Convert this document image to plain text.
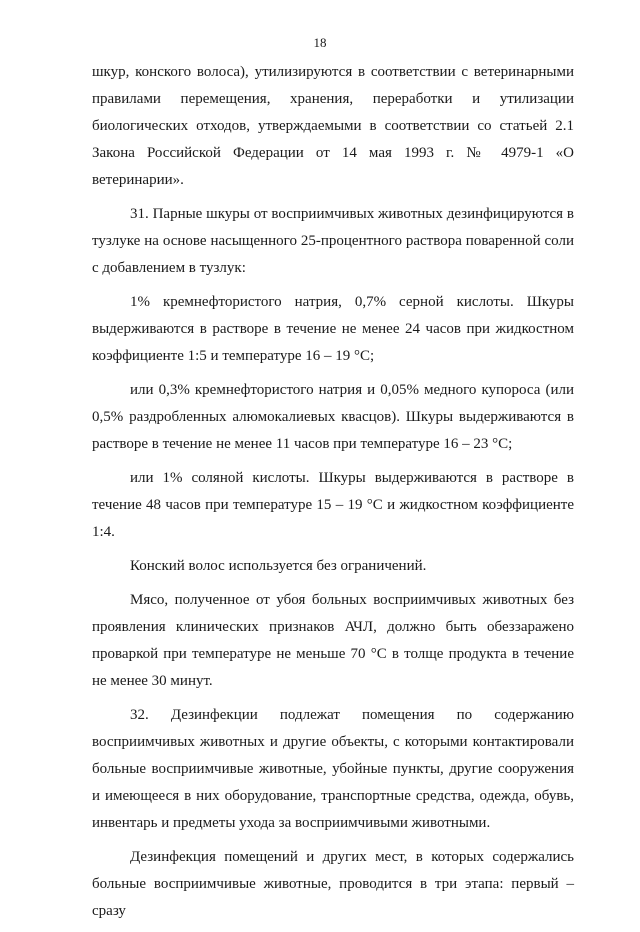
18

шкур, конского волоса), утилизируются в соответствии с ветеринарными правилами перемещения, хранения, переработки и утилизации биологических отходов, утверждаемыми в соответствии со статьей 2.1 Закона Российской Федерации от 14 мая 1993 г. № 4979-1 «О ветеринарии».

31. Парные шкуры от восприимчивых животных дезинфицируются в тузлуке на основе насыщенного 25-процентного раствора поваренной соли с добавлением в тузлук:

1% кремнефтористого натрия, 0,7% серной кислоты. Шкуры выдерживаются в растворе в течение не менее 24 часов при жидкостном коэффициенте 1:5 и температуре 16 – 19 °C;

или 0,3% кремнефтористого натрия и 0,05% медного купороса (или 0,5% раздробленных алюмокалиевых квасцов). Шкуры выдерживаются в растворе в течение не менее 11 часов при температуре 16 – 23 °C;

или 1% соляной кислоты. Шкуры выдерживаются в растворе в течение 48 часов при температуре 15 – 19 °C и жидкостном коэффициенте 1:4.

Конский волос используется без ограничений.

Мясо, полученное от убоя больных восприимчивых животных без проявления клинических признаков АЧЛ, должно быть обеззаражено проваркой при температуре не меньше 70 °C в толще продукта в течение не менее 30 минут.

32. Дезинфекции подлежат помещения по содержанию восприимчивых животных и другие объекты, с которыми контактировали больные восприимчивые животные, убойные пункты, другие сооружения и имеющееся в них оборудование, транспортные средства, одежда, обувь, инвентарь и предметы ухода за восприимчивыми животными.

Дезинфекция помещений и других мест, в которых содержались больные восприимчивые животные, проводится в три этапа: первый – сразу
